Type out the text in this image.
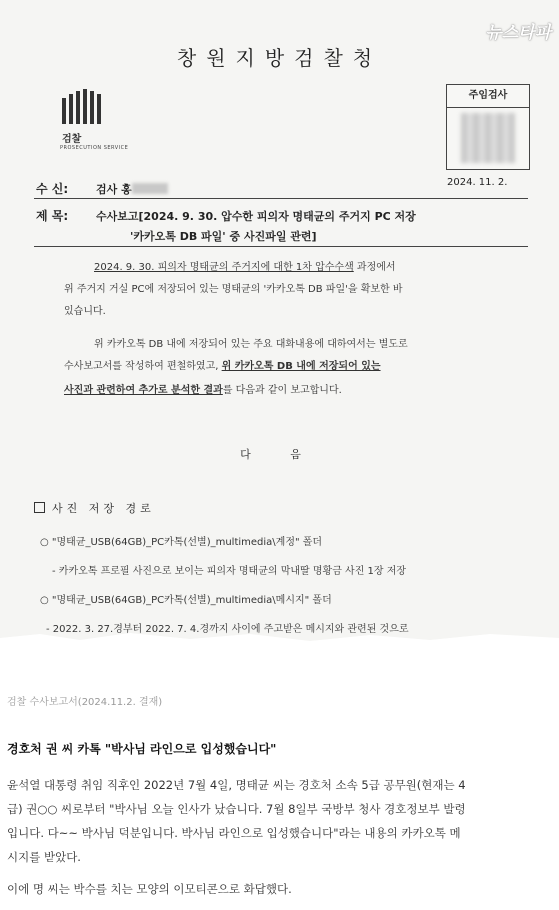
뉴스타파
창원지방검찰청
검찰
PROSECUTION SERVICE
주임검사
2024. 11. 2.
수 신:	검사 홍
제 목:	수사보고[2024. 9. 30. 압수한 피의자 명태균의 주거지 PC 저장
'카카오톡 DB 파일' 중 사진파일 관련]
2024. 9. 30. 피의자 명태균의 주거지에 대한 1차 압수수색 과정에서
위 주거지 거실 PC에 저장되어 있는 명태균의 '카카오톡 DB 파일'을 확보한 바
있습니다.
위 카카오톡 DB 내에 저장되어 있는 주요 대화내용에 대하여서는 별도로
수사보고서를 작성하여 편철하였고, 위 카카오톡 DB 내에 저장되어 있는
사진과 관련하여 추가로 분석한 결과를 다음과 같이 보고합니다.
다 음
사진 저장 경로
○ "명태균_USB(64GB)_PC카톡(선별)_multimedia\계정" 폴더
- 카카오톡 프로필 사진으로 보이는 피의자 명태균의 막내딸 명황금 사진 1장 저장
○ "명태균_USB(64GB)_PC카톡(선별)_multimedia\메시지" 폴더
- 2022. 3. 27.경부터 2022. 7. 4.경까지 사이에 주고받은 메시지와 관련된 것으로
검찰 수사보고서(2024.11.2. 결재)
경호처 권 씨 카톡 "박사님 라인으로 입성했습니다"
윤석열 대통령 취임 직후인 2022년 7월 4일, 명태균 씨는 경호처 소속 5급 공무원(현재는 4
급) 권○○ 씨로부터 "박사님 오늘 인사가 났습니다. 7월 8일부 국방부 청사 경호정보부 발령
입니다. 다~~ 박사님 덕분입니다. 박사님 라인으로 입성했습니다"라는 내용의 카카오톡 메
시지를 받았다.
이에 명 씨는 박수를 치는 모양의 이모티콘으로 화답했다.
